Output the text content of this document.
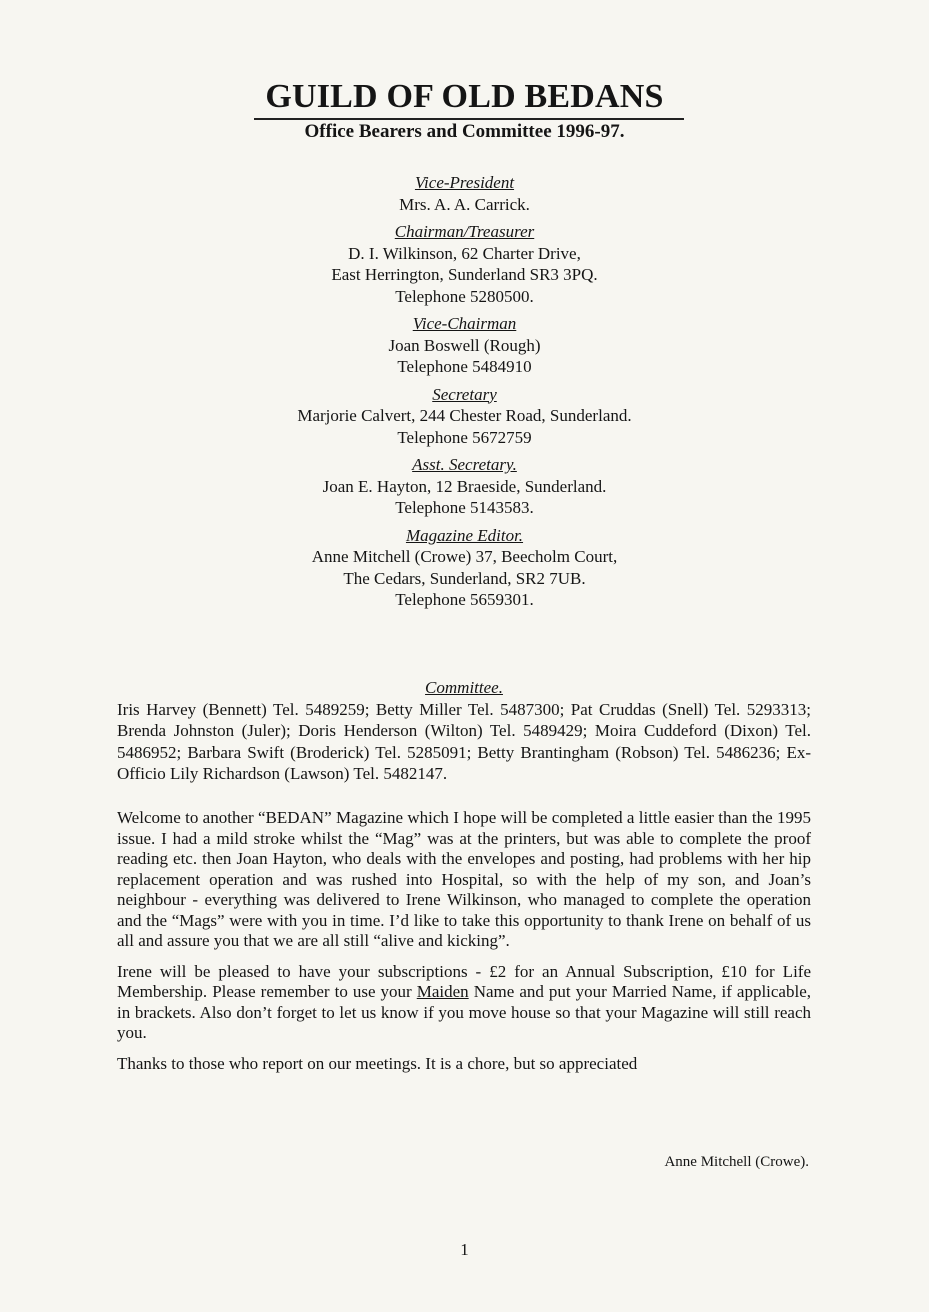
GUILD OF OLD BEDANS
Office Bearers and Committee 1996-97.
Vice-President
Mrs. A. A. Carrick.
Chairman/Treasurer
D. I. Wilkinson, 62 Charter Drive,
East Herrington, Sunderland SR3 3PQ.
Telephone 5280500.
Vice-Chairman
Joan Boswell (Rough)
Telephone 5484910
Secretary
Marjorie Calvert, 244 Chester Road, Sunderland.
Telephone 5672759
Asst. Secretary.
Joan E. Hayton, 12 Braeside, Sunderland.
Telephone 5143583.
Magazine Editor.
Anne Mitchell (Crowe) 37, Beecholm Court,
The Cedars, Sunderland, SR2 7UB.
Telephone 5659301.
Committee.
Iris Harvey (Bennett) Tel. 5489259; Betty Miller Tel. 5487300; Pat Cruddas (Snell) Tel. 5293313; Brenda Johnston (Juler); Doris Henderson (Wilton) Tel. 5489429; Moira Cuddeford (Dixon) Tel. 5486952; Barbara Swift (Broderick) Tel. 5285091; Betty Brantingham (Robson) Tel. 5486236; Ex-Officio Lily Richardson (Lawson) Tel. 5482147.

Welcome to another “BEDAN” Magazine which I hope will be completed a little easier than the 1995 issue. I had a mild stroke whilst the “Mag” was at the printers, but was able to complete the proof reading etc. then Joan Hayton, who deals with the envelopes and posting, had problems with her hip replacement operation and was rushed into Hospital, so with the help of my son, and Joan’s neighbour - everything was delivered to Irene Wilkinson, who managed to complete the operation and the “Mags” were with you in time. I’d like to take this opportunity to thank Irene on behalf of us all and assure you that we are all still “alive and kicking”.

Irene will be pleased to have your subscriptions - £2 for an Annual Subscription, £10 for Life Membership. Please remember to use your Maiden Name and put your Married Name, if applicable, in brackets. Also don’t forget to let us know if you move house so that your Magazine will still reach you.

Thanks to those who report on our meetings. It is a chore, but so appreciated

Anne Mitchell (Crowe).
1
